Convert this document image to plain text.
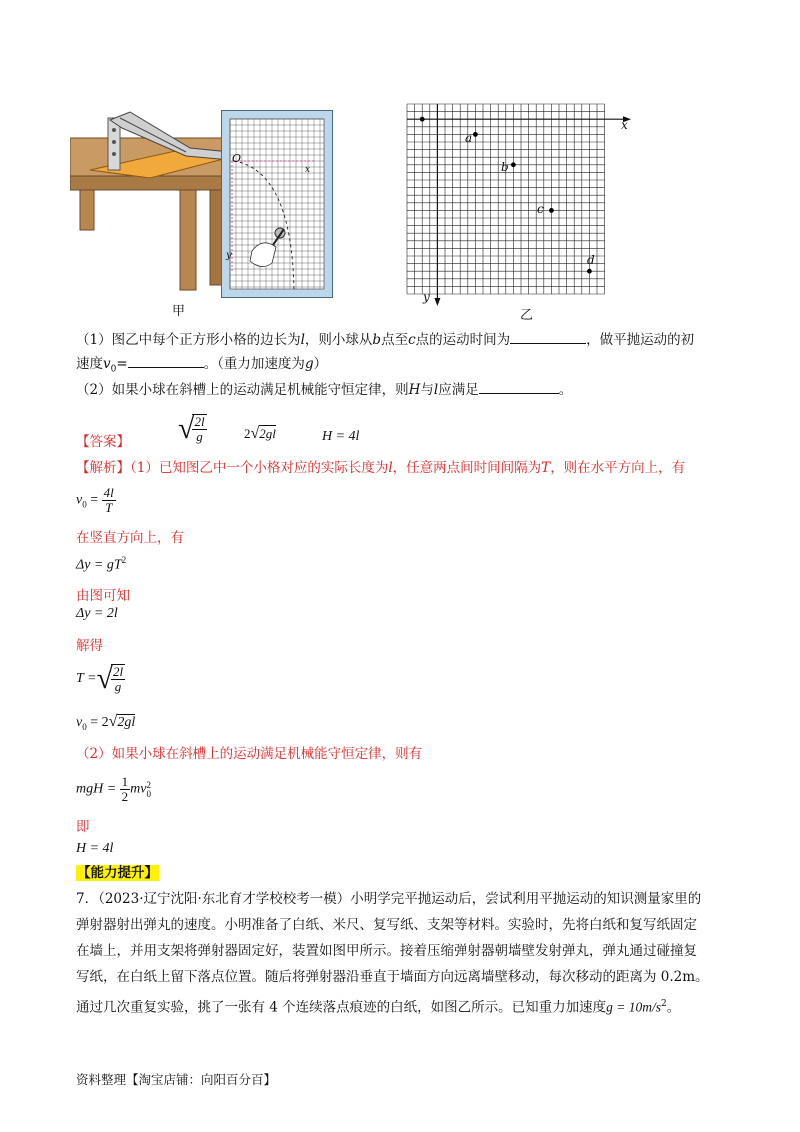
O
x
y
甲
x
y
a
b
c
d
乙
（1）图乙中每个正方形小格的边长为l，则小球从b点至c点的运动时间为	，做平抛运动的初
速度$v_0=$	。（重力加速度为g）
（2）如果小球在斜槽上的运动满足机械能守恒定律，则H与l应满足	。
【答案】 √
$\frac{2l}{g}$	2√2gl	H = 4l
【解析】（1）已知图乙中一个小格对应的实际长度为l，任意两点间时间间隔为T，则在水平方向上，有
$v_0 = \frac{4l}{T}$
在竖直方向上，有
$\Delta y = gT^2$
由图可知
Δy = 2l
解得
T =√
$\frac{2l}{g}$
$v_0 = 2√2gl$
（2）如果小球在斜槽上的运动满足机械能守恒定律，则有
mgH = $\frac{1}{2}$ mv 2
0
即
H = 4l
【能力提升】
7．（2023·辽宁沈阳·东北育才学校校考一模）小明学完平抛运动后，尝试利用平抛运动的知识测量家里的
弹射器射出弹丸的速度。小明准备了白纸、米尺、复写纸、支架等材料。实验时，先将白纸和复写纸固定
在墙上，并用支架将弹射器固定好，装置如图甲所示。接着压缩弹射器朝墙壁发射弹丸，弹丸通过碰撞复
写纸，在白纸上留下落点位置。随后将弹射器沿垂直于墙面方向远离墙壁移动，每次移动的距离为 0.2m。
通过几次重复实验，挑了一张有 4 个连续落点痕迹的白纸，如图乙所示。已知重力加速度$g = 10m/s^2$。
资料整理【淘宝店铺：向阳百分百】
